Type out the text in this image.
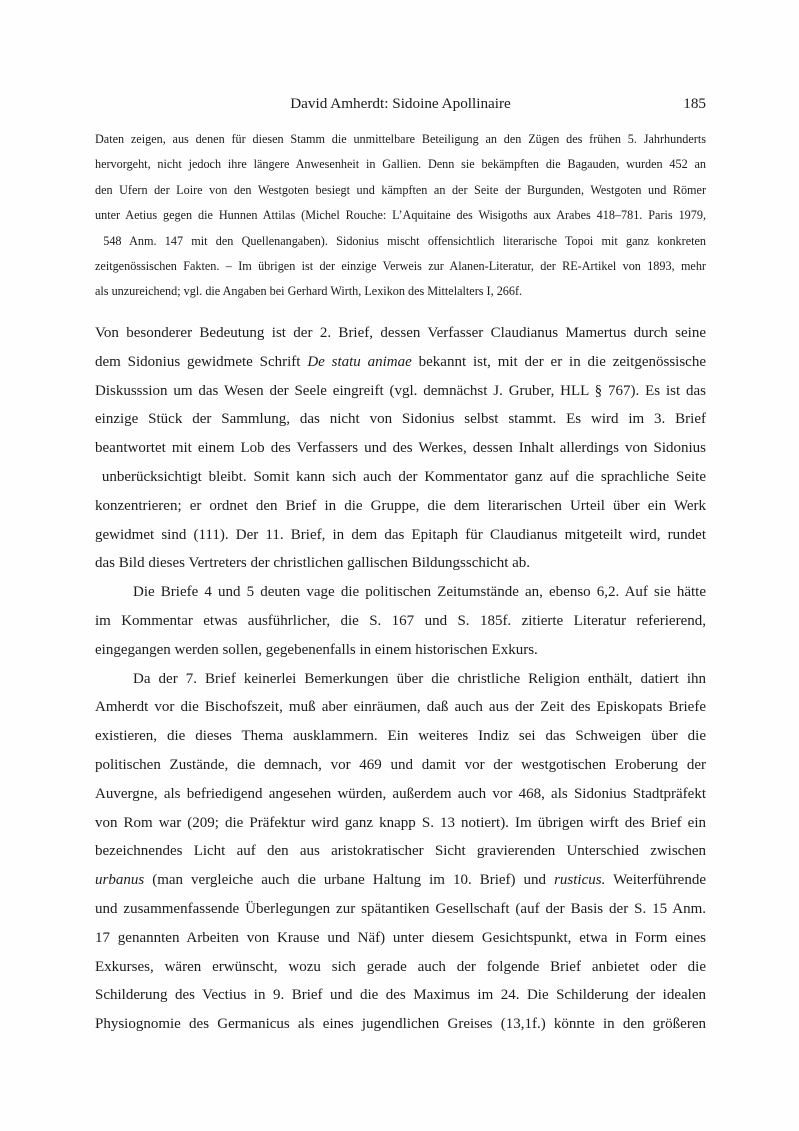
David Amherdt: Sidoine Apollinaire	185
Daten zeigen, aus denen für diesen Stamm die unmittelbare Beteiligung an den Zügen des frühen 5. Jahrhunderts
hervorgeht, nicht jedoch ihre längere Anwesenheit in Gallien. Denn sie bekämpften die Bagauden, wurden 452 an
den Ufern der Loire von den Westgoten besiegt und kämpften an der Seite der Burgunden, Westgoten und Römer
unter Aetius gegen die Hunnen Attilas (Michel Rouche: L’Aquitaine des Wisigoths aux Arabes 418–781. Paris 1979,
548 Anm. 147 mit den Quellenangaben). Sidonius mischt offensichtlich literarische Topoi mit ganz konkreten
zeitgenössischen Fakten. – Im übrigen ist der einzige Verweis zur Alanen-Literatur, der RE-Artikel von 1893, mehr
als unzureichend; vgl. die Angaben bei Gerhard Wirth, Lexikon des Mittelalters I, 266f.
Von besonderer Bedeutung ist der 2. Brief, dessen Verfasser Claudianus Mamertus durch seine
dem Sidonius gewidmete Schrift De statu animae bekannt ist, mit der er in die zeitgenössische
Diskusssion um das Wesen der Seele eingreift (vgl. demnächst J. Gruber, HLL § 767). Es ist das
einzige Stück der Sammlung, das nicht von Sidonius selbst stammt. Es wird im 3. Brief
beantwortet mit einem Lob des Verfassers und des Werkes, dessen Inhalt allerdings von Sidonius
unberücksichtigt bleibt. Somit kann sich auch der Kommentator ganz auf die sprachliche Seite
konzentrieren; er ordnet den Brief in die Gruppe, die dem literarischen Urteil über ein Werk
gewidmet sind (111). Der 11. Brief, in dem das Epitaph für Claudianus mitgeteilt wird, rundet
das Bild dieses Vertreters der christlichen gallischen Bildungsschicht ab.
Die Briefe 4 und 5 deuten vage die politischen Zeitumstände an, ebenso 6,2. Auf sie hätte
im Kommentar etwas ausführlicher, die S. 167 und S. 185f. zitierte Literatur referierend,
eingegangen werden sollen, gegebenenfalls in einem historischen Exkurs.
Da der 7. Brief keinerlei Bemerkungen über die christliche Religion enthält, datiert ihn
Amherdt vor die Bischofszeit, muß aber einräumen, daß auch aus der Zeit des Episkopats Briefe
existieren, die dieses Thema ausklammern. Ein weiteres Indiz sei das Schweigen über die
politischen Zustände, die demnach, vor 469 und damit vor der westgotischen Eroberung der
Auvergne, als befriedigend angesehen würden, außerdem auch vor 468, als Sidonius Stadtpräfekt
von Rom war (209; die Präfektur wird ganz knapp S. 13 notiert). Im übrigen wirft des Brief ein
bezeichnendes Licht auf den aus aristokratischer Sicht gravierenden Unterschied zwischen
urbanus (man vergleiche auch die urbane Haltung im 10. Brief) und rusticus. Weiterführende
und zusammenfassende Überlegungen zur spätantiken Gesellschaft (auf der Basis der S. 15 Anm.
17 genannten Arbeiten von Krause und Näf) unter diesem Gesichtspunkt, etwa in Form eines
Exkurses, wären erwünscht, wozu sich gerade auch der folgende Brief anbietet oder die
Schilderung des Vectius in 9. Brief und die des Maximus im 24. Die Schilderung der idealen
Physiognomie des Germanicus als eines jugendlichen Greises (13,1f.) könnte in den größeren
